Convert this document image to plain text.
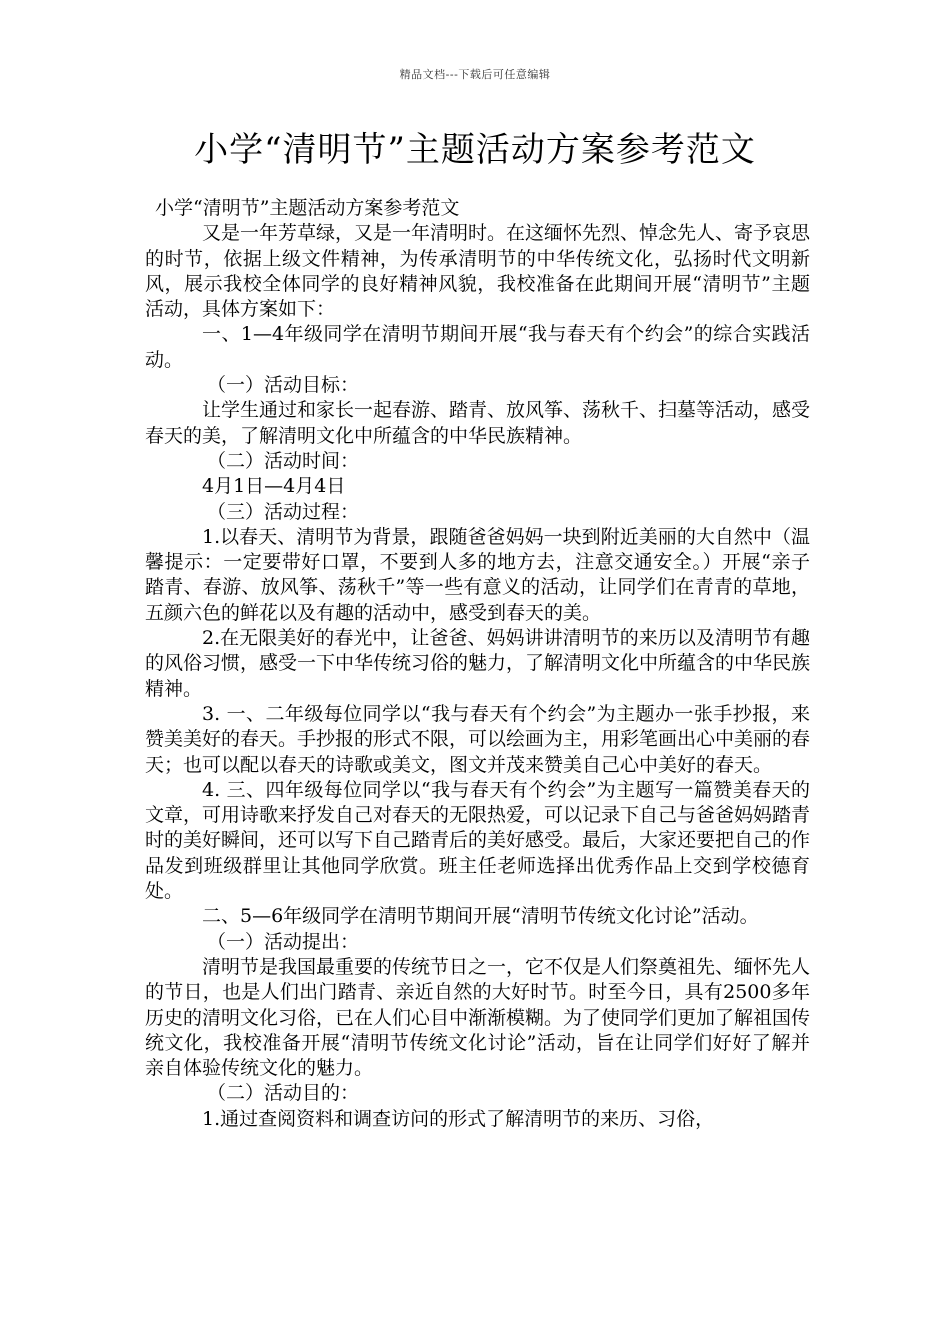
精品文档---下载后可任意编辑
小学“清明节”主题活动方案参考范文

小学“清明节”主题活动方案参考范文

又是一年芳草绿，又是一年清明时。在这缅怀先烈、悼念先人、寄予哀思的时节，依据上级文件精神，为传承清明节的中华传统文化，弘扬时代文明新风，展示我校全体同学的良好精神风貌，我校准备在此期间开展“清明节”主题活动，具体方案如下：

一、1—4年级同学在清明节期间开展“我与春天有个约会”的综合实践活动。

（一）活动目标：

让学生通过和家长一起春游、踏青、放风筝、荡秋千、扫墓等活动，感受春天的美，了解清明文化中所蕴含的中华民族精神。

（二）活动时间：

4月1日—4月4日

（三）活动过程：

1.以春天、清明节为背景，跟随爸爸妈妈一块到附近美丽的大自然中（温馨提示：一定要带好口罩，不要到人多的地方去，注意交通安全。）开展“亲子踏青、春游、放风筝、荡秋千”等一些有意义的活动，让同学们在青青的草地，五颜六色的鲜花以及有趣的活动中，感受到春天的美。

2.在无限美好的春光中，让爸爸、妈妈讲讲清明节的来历以及清明节有趣的风俗习惯，感受一下中华传统习俗的魅力，了解清明文化中所蕴含的中华民族精神。

3. 一、二年级每位同学以“我与春天有个约会”为主题办一张手抄报，来赞美美好的春天。手抄报的形式不限，可以绘画为主，用彩笔画出心中美丽的春天；也可以配以春天的诗歌或美文，图文并茂来赞美自己心中美好的春天。

4. 三、四年级每位同学以“我与春天有个约会”为主题写一篇赞美春天的文章，可用诗歌来抒发自己对春天的无限热爱，可以记录下自己与爸爸妈妈踏青时的美好瞬间，还可以写下自己踏青后的美好感受。最后，大家还要把自己的作品发到班级群里让其他同学欣赏。班主任老师选择出优秀作品上交到学校德育处。

二、5—6年级同学在清明节期间开展“清明节传统文化讨论”活动。

（一）活动提出：

清明节是我国最重要的传统节日之一，它不仅是人们祭奠祖先、缅怀先人的节日，也是人们出门踏青、亲近自然的大好时节。时至今日，具有2500多年历史的清明文化习俗，已在人们心目中渐渐模糊。为了使同学们更加了解祖国传统文化，我校准备开展“清明节传统文化讨论”活动，旨在让同学们好好了解并亲自体验传统文化的魅力。

（二）活动目的：

1.通过查阅资料和调查访问的形式了解清明节的来历、习俗，
